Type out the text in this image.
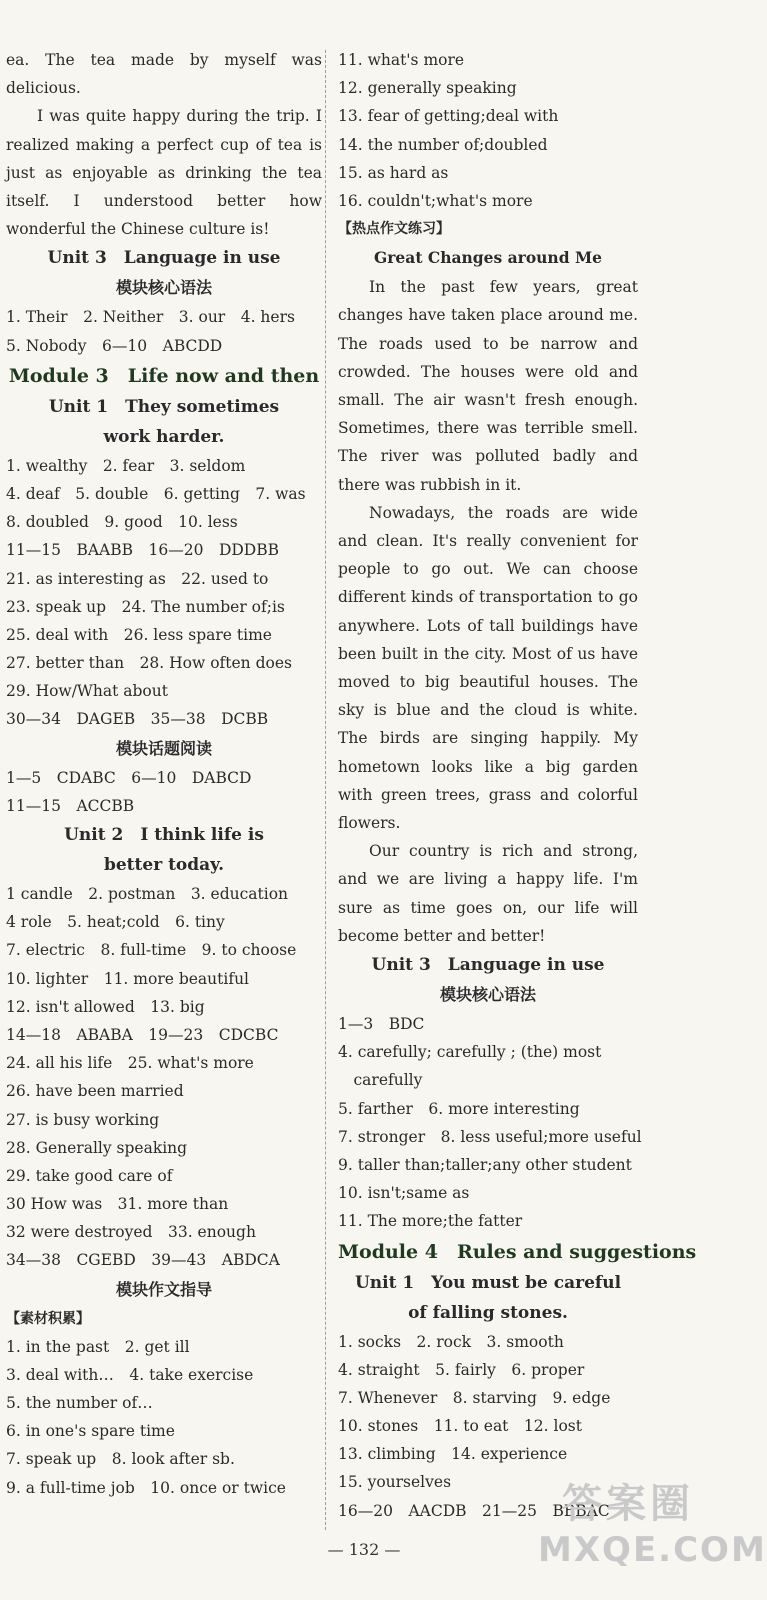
ea. The tea made by myself was delicious.

I was quite happy during the trip. I realized making a perfect cup of tea is just as enjoyable as drinking the tea itself. I understood better how wonderful the Chinese culture is!

Unit 3　Language in use
模块核心语法
1. Their　2. Neither　3. our　4. hers
5. Nobody　6—10　ABCDD
Module 3　Life now and then
Unit 1　They sometimes
work harder.
1. wealthy　2. fear　3. seldom
4. deaf　5. double　6. getting　7. was
8. doubled　9. good　10. less
11—15　BAABB　16—20　DDDBB
21. as interesting as　22. used to
23. speak up　24. The number of;is
25. deal with　26. less spare time
27. better than　28. How often does
29. How/What about
30—34　DAGEB　35—38　DCBB
模块话题阅读
1—5　CDABC　6—10　DABCD
11—15　ACCBB
Unit 2　I think life is
better today.
1 candle　2. postman　3. education
4 role　5. heat;cold　6. tiny
7. electric　8. full-time　9. to choose
10. lighter　11. more beautiful
12. isn't allowed　13. big
14—18　ABABA　19—23　CDCBC
24. all his life　25. what's more
26. have been married
27. is busy working
28. Generally speaking
29. take good care of
30 How was　31. more than
32 were destroyed　33. enough
34—38　CGEBD　39—43　ABDCA
模块作文指导
【素材积累】
1. in the past　2. get ill
3. deal with…　4. take exercise
5. the number of…
6. in one's spare time
7. speak up　8. look after sb.
9. a full-time job　10. once or twice
11. what's more
12. generally speaking
13. fear of getting;deal with
14. the number of;doubled
15. as hard as
16. couldn't;what's more
【热点作文练习】
Great Changes around Me

In the past few years, great changes have taken place around me. The roads used to be narrow and crowded. The houses were old and small. The air wasn't fresh enough. Sometimes, there was terrible smell. The river was polluted badly and there was rubbish in it.

Nowadays, the roads are wide and clean. It's really convenient for people to go out. We can choose different kinds of transportation to go anywhere. Lots of tall buildings have been built in the city. Most of us have moved to big beautiful houses. The sky is blue and the cloud is white. The birds are singing happily. My hometown looks like a big garden with green trees, grass and colorful flowers.

Our country is rich and strong, and we are living a happy life. I'm sure as time goes on, our life will become better and better!

Unit 3　Language in use
模块核心语法
1—3　BDC
4. carefully; carefully ; (the) most
　carefully
5. farther　6. more interesting
7. stronger　8. less useful;more useful
9. taller than;taller;any other student
10. isn't;same as
11. The more;the fatter
Module 4　Rules and suggestions
Unit 1　You must be careful
of falling stones.
1. socks　2. rock　3. smooth
4. straight　5. fairly　6. proper
7. Whenever　8. starving　9. edge
10. stones　11. to eat　12. lost
13. climbing　14. experience
15. yourselves
16—20　AACDB　21—25　BBBAC
— 132 —
答案圈
MXQE.COM
